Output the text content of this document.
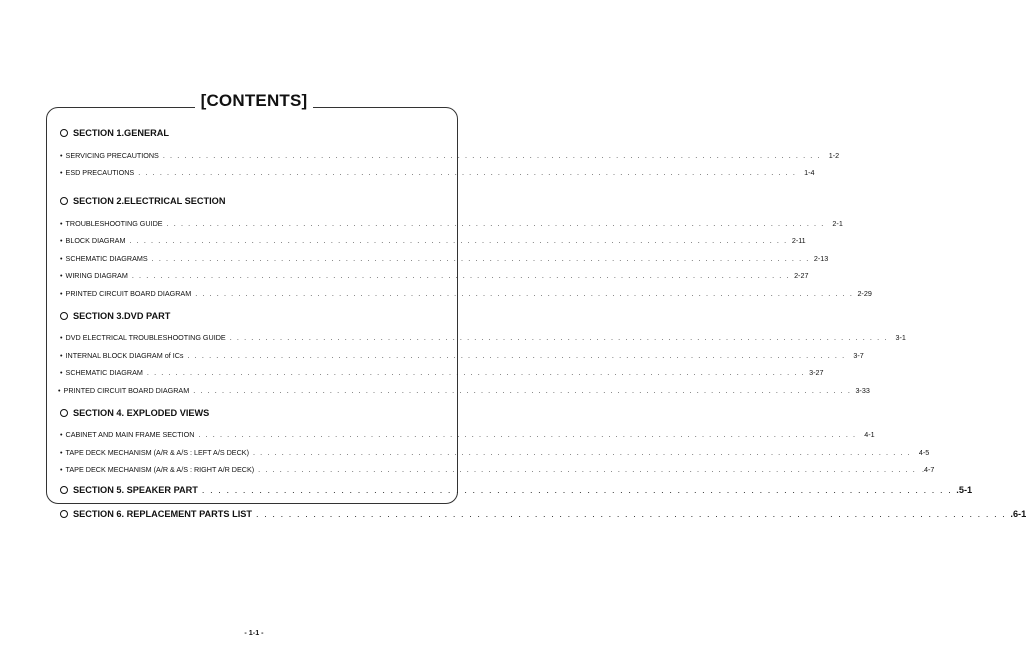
[CONTENTS]
SECTION 1.GENERAL
• SERVICING PRECAUTIONS . . . . . . . . . . . . . . . . . . . . . . . . . . . . . . . . . . . . . . . . . . . . . . . . . . . . . . . . . . . . . . . . . . . . . . . . . . . . . . . . . . . . . . . . . . . .	1-2
• ESD PRECAUTIONS . . . . . . . . . . . . . . . . . . . . . . . . . . . . . . . . . . . . . . . . . . . . . . . . . . . . . . . . . . . . . . . . . . . . . . . . . . . . . . . . . . . . . . . . . . . .	1-4
SECTION 2.ELECTRICAL SECTION
• TROUBLESHOOTING GUIDE . . . . . . . . . . . . . . . . . . . . . . . . . . . . . . . . . . . . . . . . . . . . . . . . . . . . . . . . . . . . . . . . . . . . . . . . . . . . . . . . . . . . . . . . . . . .	2-1
• BLOCK DIAGRAM . . . . . . . . . . . . . . . . . . . . . . . . . . . . . . . . . . . . . . . . . . . . . . . . . . . . . . . . . . . . . . . . . . . . . . . . . . . . . . . . . . . . . . . . . . . . 2-11
• SCHEMATIC DIAGRAMS . . . . . . . . . . . . . . . . . . . . . . . . . . . . . . . . . . . . . . . . . . . . . . . . . . . . . . . . . . . . . . . . . . . . . . . . . . . . . . . . . . . . . . . . . . . . 2-13
• WIRING DIAGRAM . . . . . . . . . . . . . . . . . . . . . . . . . . . . . . . . . . . . . . . . . . . . . . . . . . . . . . . . . . . . . . . . . . . . . . . . . . . . . . . . . . . . . . . . . . . . 2-27
• PRINTED CIRCUIT BOARD DIAGRAM . . . . . . . . . . . . . . . . . . . . . . . . . . . . . . . . . . . . . . . . . . . . . . . . . . . . . . . . . . . . . . . . . . . . . . . . . . . . . . . . . . . . . . . . . . . . 2-29
SECTION 3.DVD PART
• DVD ELECTRICAL TROUBLESHOOTING GUIDE . . . . . . . . . . . . . . . . . . . . . . . . . . . . . . . . . . . . . . . . . . . . . . . . . . . . . . . . . . . . . . . . . . . . . . . . . . . . . . . . . . . . . . . . . . . .	3-1
• INTERNAL BLOCK DIAGRAM of ICs . . . . . . . . . . . . . . . . . . . . . . . . . . . . . . . . . . . . . . . . . . . . . . . . . . . . . . . . . . . . . . . . . . . . . . . . . . . . . . . . . . . . . . . . . . . .	3-7
• SCHEMATIC DIAGRAM . . . . . . . . . . . . . . . . . . . . . . . . . . . . . . . . . . . . . . . . . . . . . . . . . . . . . . . . . . . . . . . . . . . . . . . . . . . . . . . . . . . . . . . . . . . . 3-27
• PRINTED CIRCUIT BOARD DIAGRAM . . . . . . . . . . . . . . . . . . . . . . . . . . . . . . . . . . . . . . . . . . . . . . . . . . . . . . . . . . . . . . . . . . . . . . . . . . . . . . . . . . . . . . . . . . . . 3-33
SECTION 4. EXPLODED VIEWS
• CABINET AND MAIN FRAME SECTION . . . . . . . . . . . . . . . . . . . . . . . . . . . . . . . . . . . . . . . . . . . . . . . . . . . . . . . . . . . . . . . . . . . . . . . . . . . . . . . . . . . . . . . . . . . .	4-1
• TAPE DECK MECHANISM (A/R & A/S : LEFT A/S DECK) . . . . . . . . . . . . . . . . . . . . . . . . . . . . . . . . . . . . . . . . . . . . . . . . . . . . . . . . . . . . . . . . . . . . . . . . . . . . . . . . . . . . . . . . . . . .	4-5
• TAPE DECK MECHANISM (A/R & A/S : RIGHT A/R DECK) . . . . . . . . . . . . . . . . . . . . . . . . . . . . . . . . . . . . . . . . . . . . . . . . . . . . . . . . . . . . . . . . . . . . . . . . . . . . . . . . . . . . . . . . . . . . .4-7
SECTION 5. SPEAKER PART . . . . . . . . . . . . . . . . . . . . . . . . . . . . . . . . . . . . . . . . . . . . . . . . . . . . . . . . . . . . . . . . . . . . . . . . . . . . . . . . . . . . . . . . . . . . .5-1
SECTION 6. REPLACEMENT PARTS LIST . . . . . . . . . . . . . . . . . . . . . . . . . . . . . . . . . . . . . . . . . . . . . . . . . . . . . . . . . . . . . . . . . . . . . . . . . . . . . . . . . . . . . . . . . . . . .6-1
- 1-1 -
